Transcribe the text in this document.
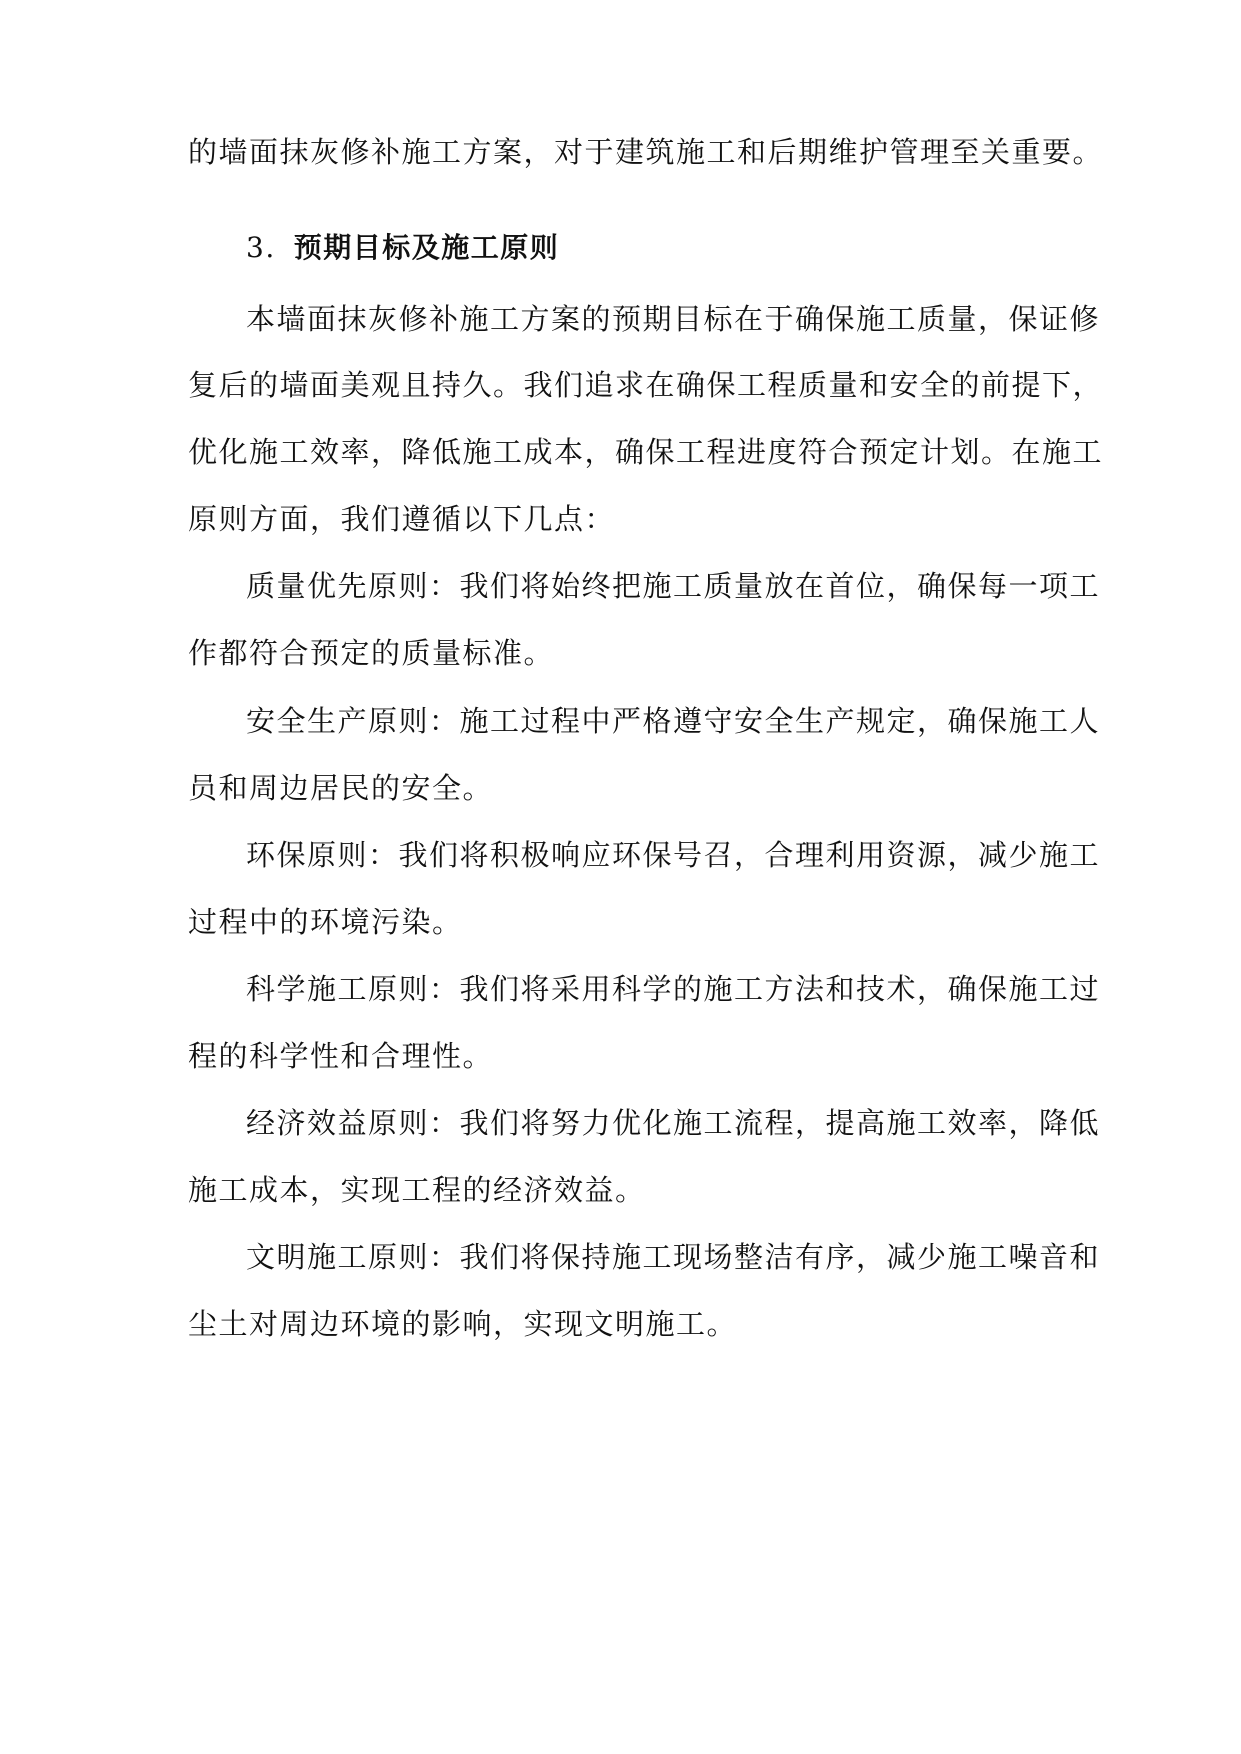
的墙面抹灰修补施工方案，对于建筑施工和后期维护管理至关重要。
3. 预期目标及施工原则
本墙面抹灰修补施工方案的预期目标在于确保施工质量，保证修
复后的墙面美观且持久。我们追求在确保工程质量和安全的前提下，
优化施工效率，降低施工成本，确保工程进度符合预定计划。在施工
原则方面，我们遵循以下几点：
质量优先原则：我们将始终把施工质量放在首位，确保每一项工
作都符合预定的质量标准。
安全生产原则：施工过程中严格遵守安全生产规定，确保施工人
员和周边居民的安全。
环保原则：我们将积极响应环保号召，合理利用资源，减少施工
过程中的环境污染。
科学施工原则：我们将采用科学的施工方法和技术，确保施工过
程的科学性和合理性。
经济效益原则：我们将努力优化施工流程，提高施工效率，降低
施工成本，实现工程的经济效益。
文明施工原则：我们将保持施工现场整洁有序，减少施工噪音和
尘土对周边环境的影响，实现文明施工。
